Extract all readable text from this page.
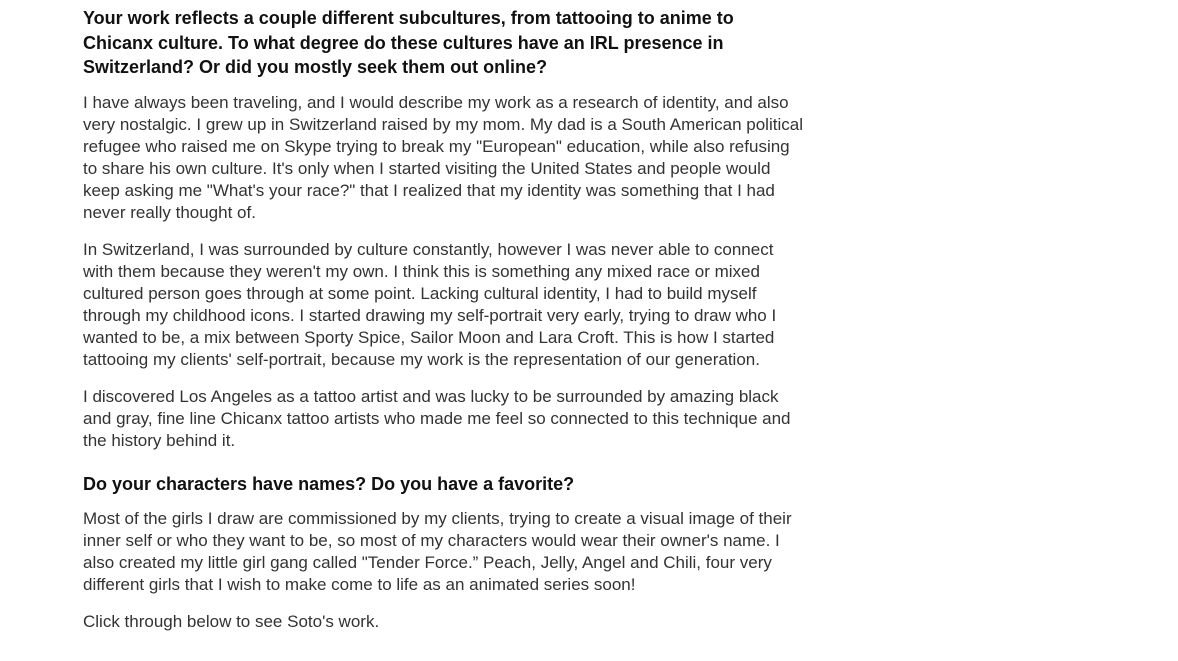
Your work reflects a couple different subcultures, from tattooing to anime to Chicanx culture. To what degree do these cultures have an IRL presence in Switzerland? Or did you mostly seek them out online?

I have always been traveling, and I would describe my work as a research of identity, and also very nostalgic. I grew up in Switzerland raised by my mom. My dad is a South American political refugee who raised me on Skype trying to break my "European" education, while also refusing to share his own culture. It's only when I started visiting the United States and people would keep asking me "What's your race?" that I realized that my identity was something that I had never really thought of.

In Switzerland, I was surrounded by culture constantly, however I was never able to connect with them because they weren't my own. I think this is something any mixed race or mixed cultured person goes through at some point. Lacking cultural identity, I had to build myself through my childhood icons. I started drawing my self-portrait very early, trying to draw who I wanted to be, a mix between Sporty Spice, Sailor Moon and Lara Croft. This is how I started tattooing my clients' self-portrait, because my work is the representation of our generation.

I discovered Los Angeles as a tattoo artist and was lucky to be surrounded by amazing black and gray, fine line Chicanx tattoo artists who made me feel so connected to this technique and the history behind it.

Do your characters have names? Do you have a favorite?

Most of the girls I draw are commissioned by my clients, trying to create a visual image of their inner self or who they want to be, so most of my characters would wear their owner's name. I also created my little girl gang called "Tender Force.” Peach, Jelly, Angel and Chili, four very different girls that I wish to make come to life as an animated series soon!

Click through below to see Soto's work.
